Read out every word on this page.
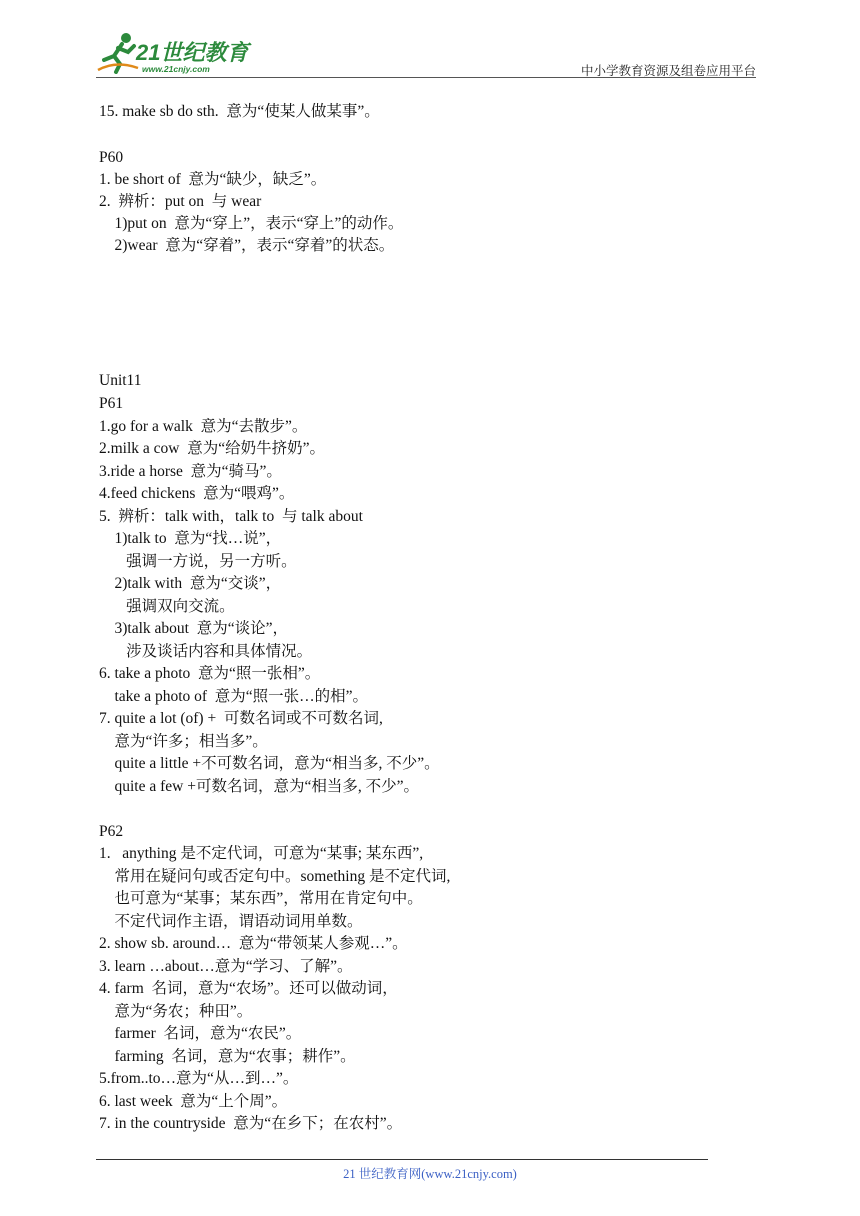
21世纪教育
www.21cnjy.com	中小学教育资源及组卷应用平台
15. make sb do sth.  意为“使某人做某事”。
P60
1. be short of  意为“缺少，缺乏”。
2.  辨析：put on  与 wear
1)put on  意为“穿上”，表示“穿上”的动作。
2)wear  意为“穿着”，表示“穿着”的状态。
Unit11
P61
1.go for a walk  意为“去散步”。
2.milk a cow  意为“给奶牛挤奶”。
3.ride a horse  意为“骑马”。
4.feed chickens  意为“喂鸡”。
5.  辨析：talk with，talk to  与 talk about
1)talk to  意为“找…说”，
强调一方说，另一方听。
2)talk with  意为“交谈”，
强调双向交流。
3)talk about  意为“谈论”，
涉及谈话内容和具体情况。
6. take a photo  意为“照一张相”。
take a photo of  意为“照一张…的相”。
7. quite a lot (of) +  可数名词或不可数名词,
意为“许多；相当多”。
quite a little +不可数名词，意为“相当多, 不少”。
quite a few +可数名词，意为“相当多, 不少”。
P62
1.   anything 是不定代词，可意为“某事; 某东西”,
常用在疑问句或否定句中。something 是不定代词,
也可意为“某事；某东西”，常用在肯定句中。
不定代词作主语，谓语动词用单数。
2. show sb. around…  意为“带领某人参观…”。
3. learn …about…意为“学习、了解”。
4. farm  名词，意为“农场”。还可以做动词，
意为“务农；种田”。
farmer  名词，意为“农民”。
farming  名词，意为“农事；耕作”。
5.from..to…意为“从…到…”。
6. last week  意为“上个周”。
7. in the countryside  意为“在乡下；在农村”。
21 世纪教育网(www.21cnjy.com)
